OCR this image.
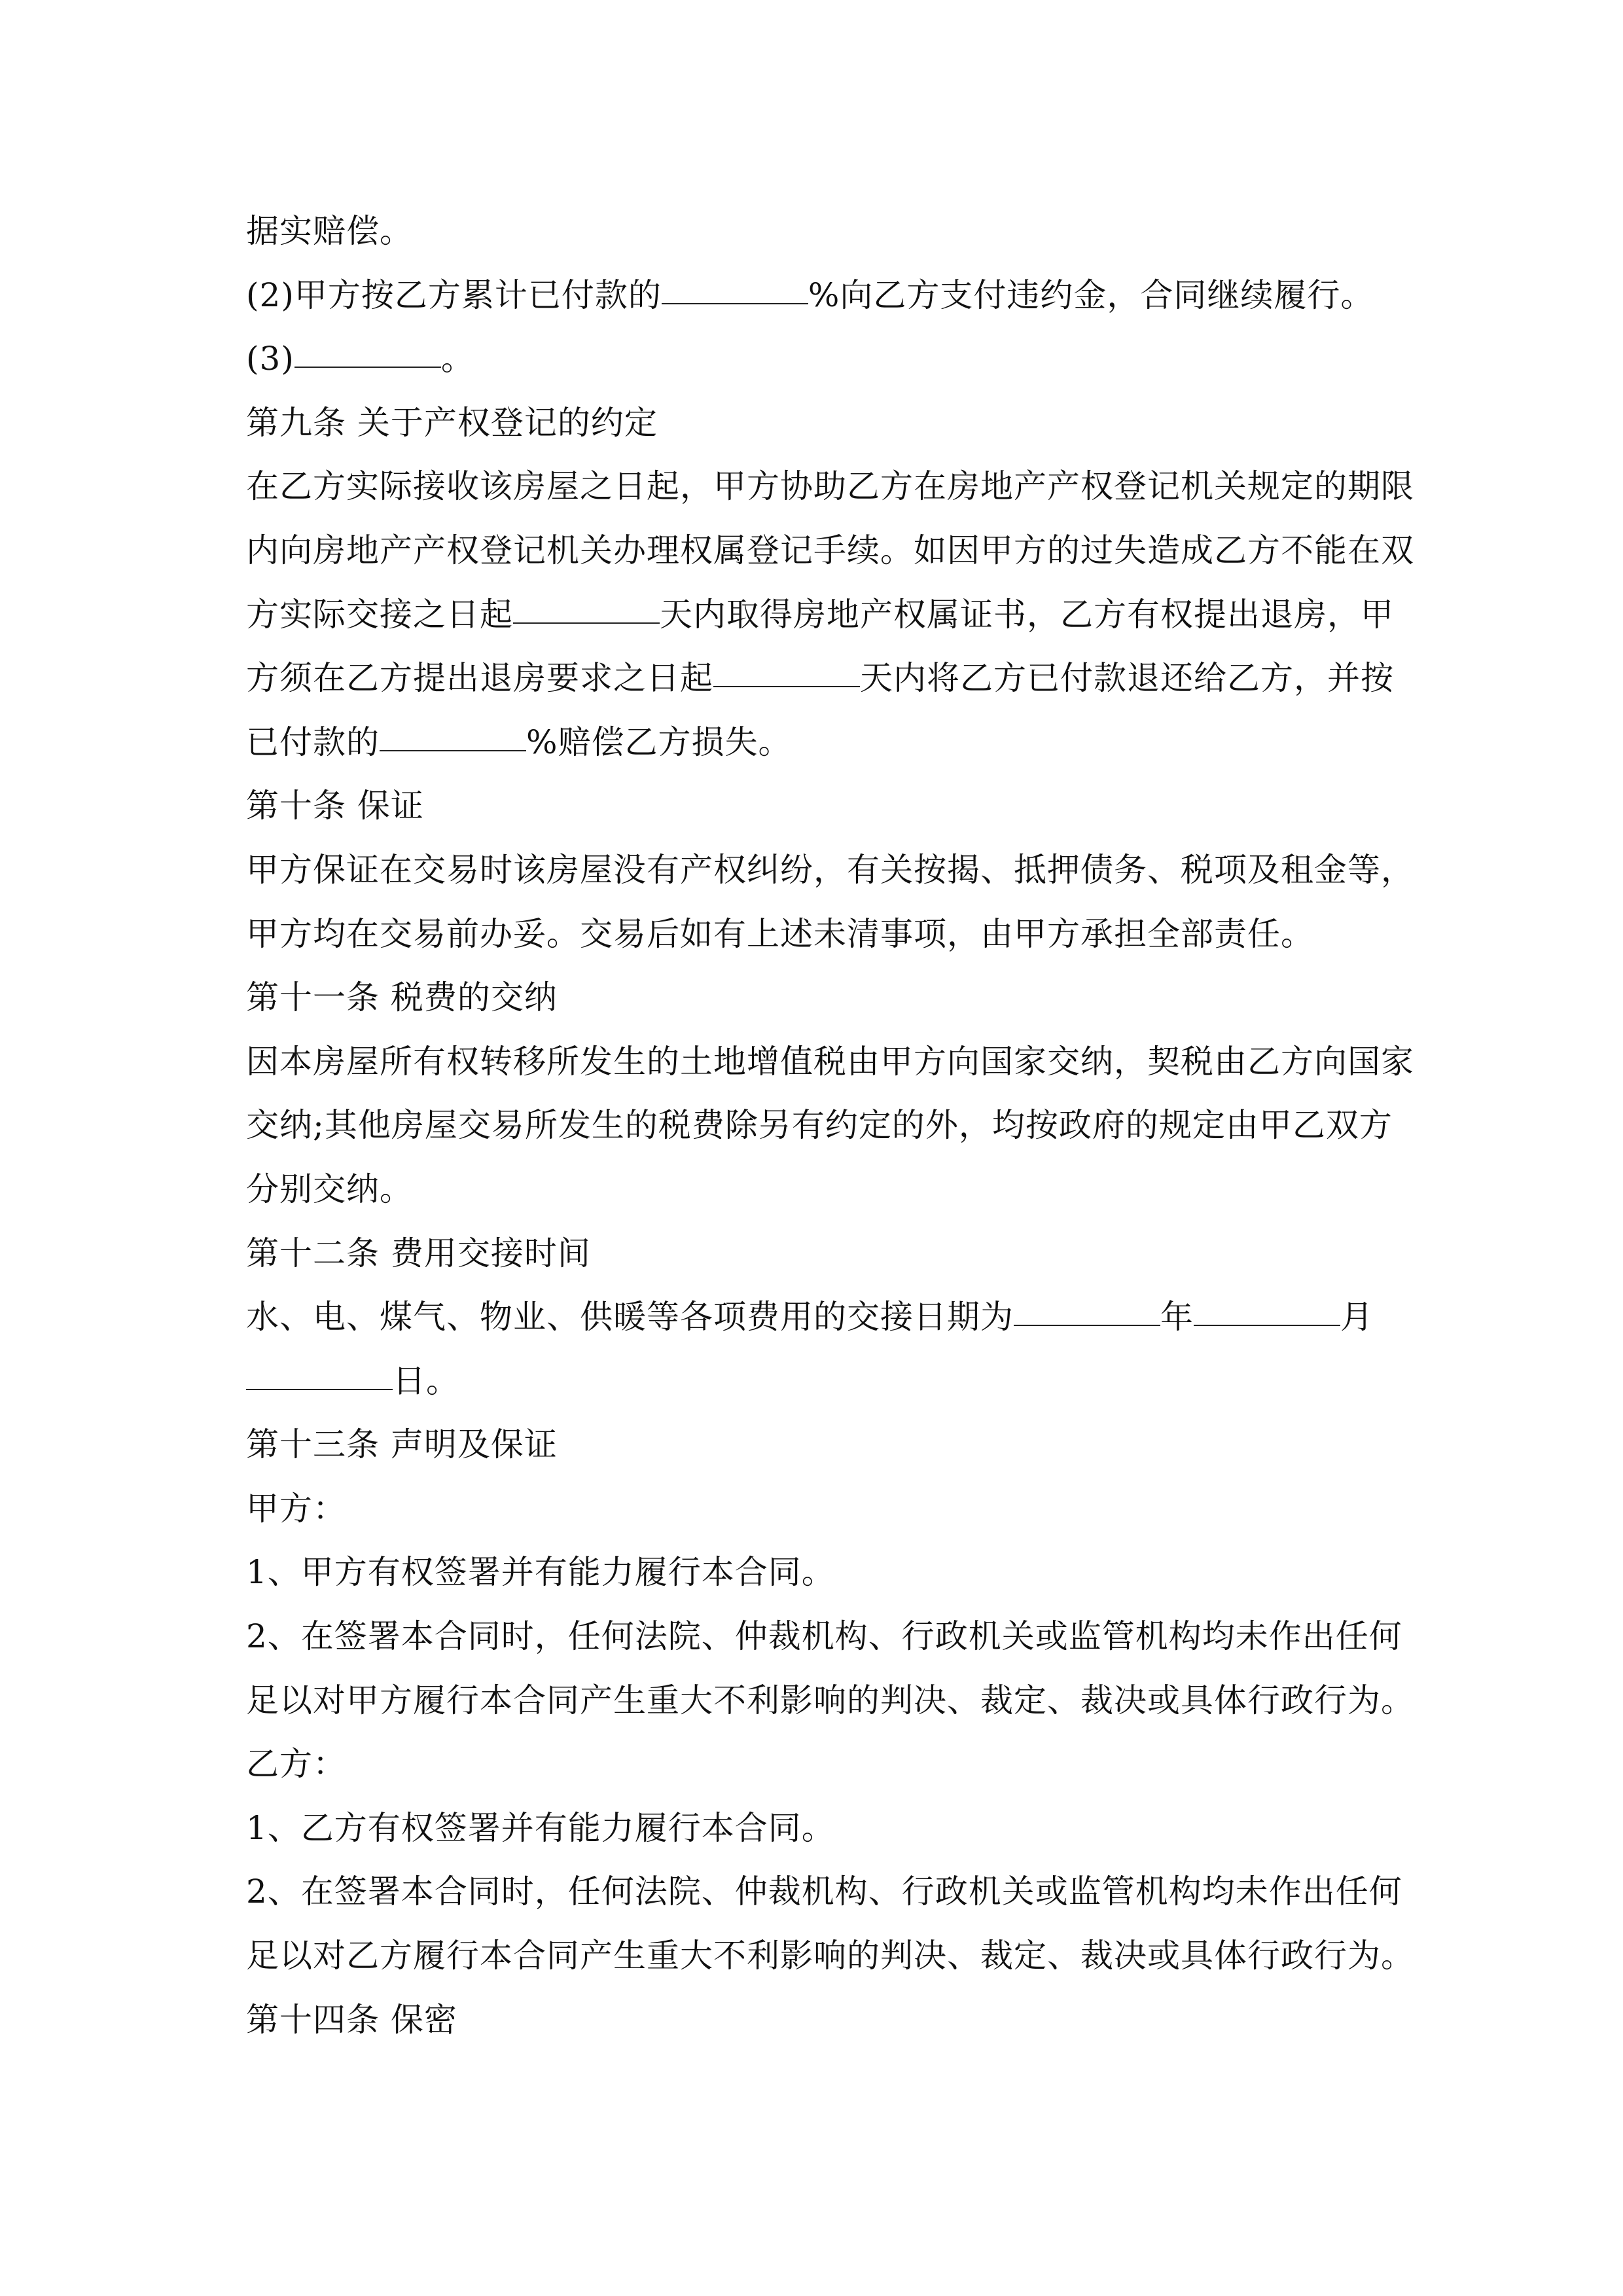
据实赔偿。
(2)甲方按乙方累计已付款的	%向乙方支付违约金，合同继续履行。
(3)	。
第九条 关于产权登记的约定
在乙方实际接收该房屋之日起，甲方协助乙方在房地产产权登记机关规定的期限
内向房地产产权登记机关办理权属登记手续。如因甲方的过失造成乙方不能在双
方实际交接之日起	天内取得房地产权属证书，乙方有权提出退房，甲
方须在乙方提出退房要求之日起	天内将乙方已付款退还给乙方，并按
已付款的	%赔偿乙方损失。
第十条 保证
甲方保证在交易时该房屋没有产权纠纷，有关按揭、抵押债务、税项及租金等，
甲方均在交易前办妥。交易后如有上述未清事项，由甲方承担全部责任。
第十一条 税费的交纳
因本房屋所有权转移所发生的土地增值税由甲方向国家交纳，契税由乙方向国家
交纳;其他房屋交易所发生的税费除另有约定的外，均按政府的规定由甲乙双方
分别交纳。
第十二条 费用交接时间
水、电、煤气、物业、供暖等各项费用的交接日期为	年	月
日。
第十三条 声明及保证
甲方：
1、甲方有权签署并有能力履行本合同。
2、在签署本合同时，任何法院、仲裁机构、行政机关或监管机构均未作出任何
足以对甲方履行本合同产生重大不利影响的判决、裁定、裁决或具体行政行为。
乙方：
1、乙方有权签署并有能力履行本合同。
2、在签署本合同时，任何法院、仲裁机构、行政机关或监管机构均未作出任何
足以对乙方履行本合同产生重大不利影响的判决、裁定、裁决或具体行政行为。
第十四条 保密
